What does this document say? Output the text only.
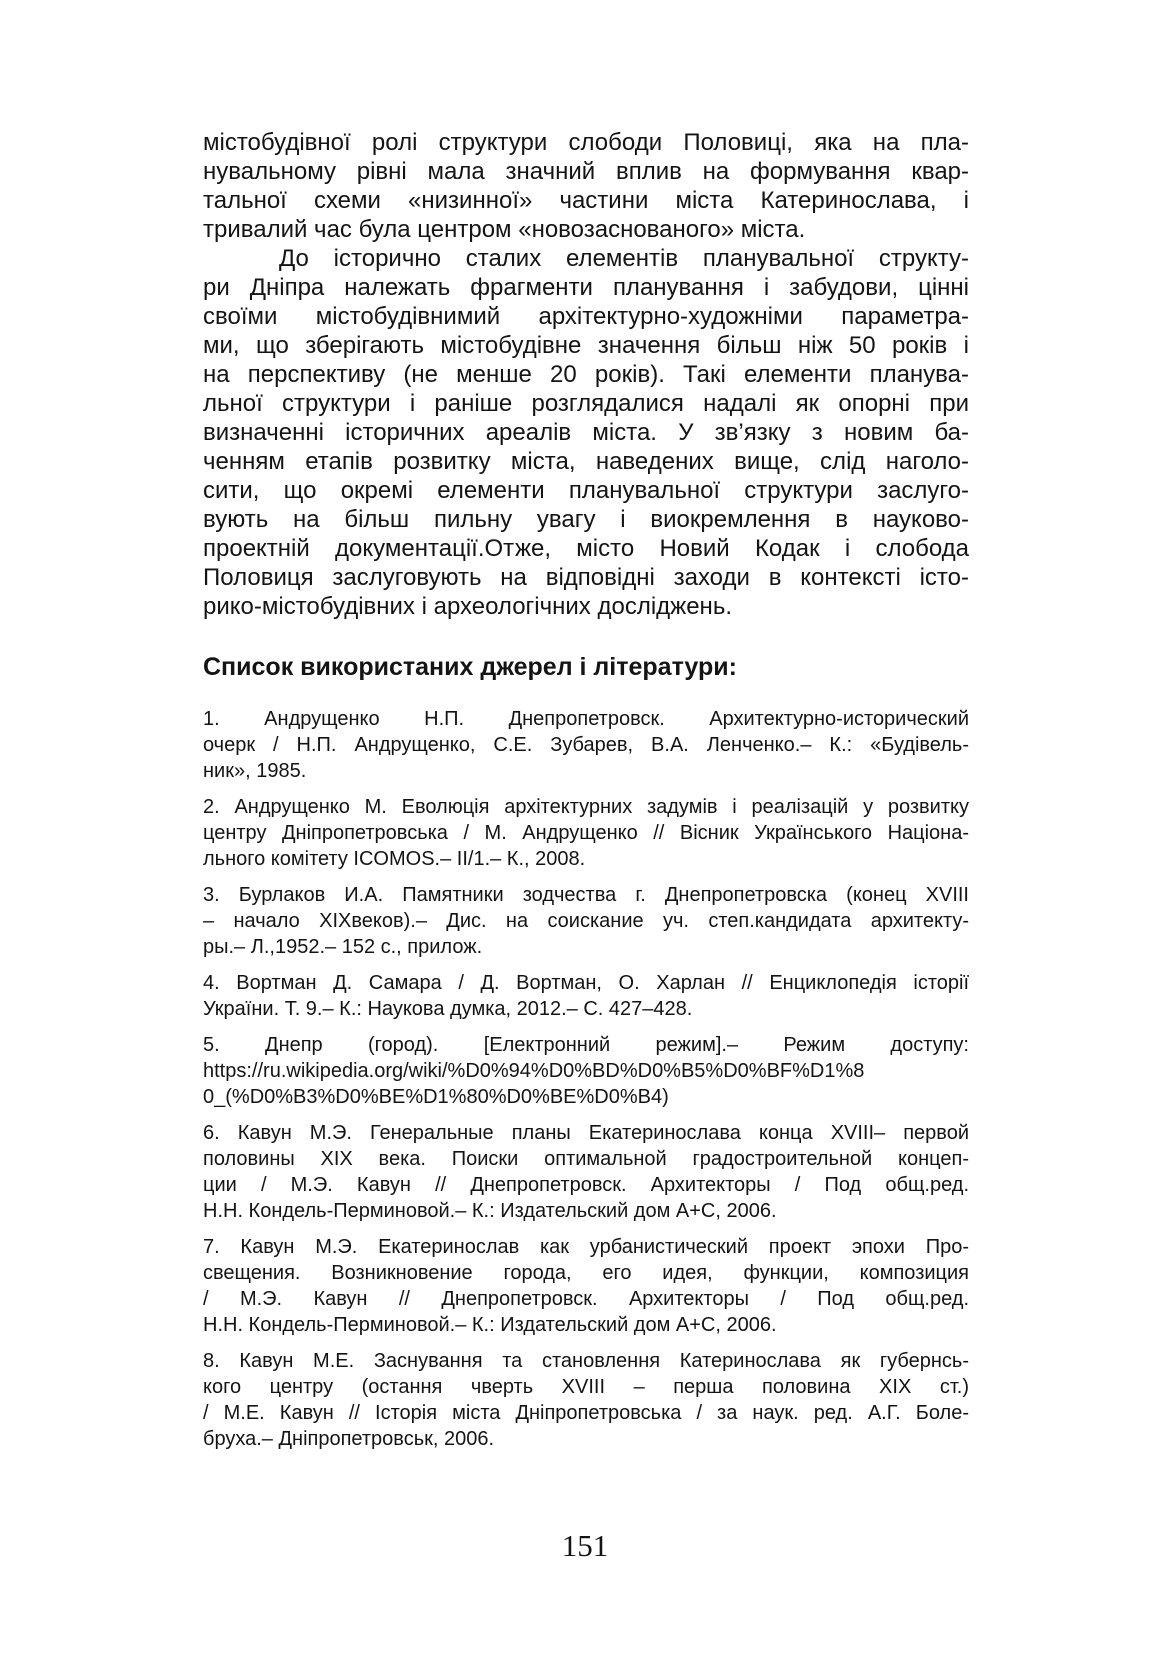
містобудівної ролі структури слободи Половиці, яка на пла-
нувальному рівні мала значний вплив на формування квар-
тальної схеми «низинної» частини міста Катеринослава, і
тривалий час була центром «новозаснованого» міста.
До історично сталих елементів планувальної структу-
ри Дніпра належать фрагменти планування і забудови, цінні
своїми містобудівнимий архітектурно-художніми параметра-
ми, що зберігають містобудівне значення більш ніж 50 років і
на перспективу (не менше 20 років). Такі елементи планува-
льної структури і раніше розглядалися надалі як опорні при
визначенні історичних ареалів міста. У зв’язку з новим ба-
ченням етапів розвитку міста, наведених вище, слід наголо-
сити, що окремі елементи планувальної структури заслуго-
вують на більш пильну увагу і виокремлення в науково-
проектній документації.Отже, місто Новий Кодак і слобода
Половиця заслуговують на відповідні заходи в контексті істо-
рико-містобудівних і археологічних досліджень.
Список використаних джерел і літератури:
1. Андрущенко Н.П. Днепропетровск. Архитектурно-исторический
очерк / Н.П. Андрущенко, С.Е. Зубарев, В.А. Ленченко.– К.: «Будівель-
ник», 1985.
2. Андрущенко М. Еволюція архітектурних задумів і реалізацій у розвитку
центру Дніпропетровська / М. Андрущенко // Вісник Українського Націона-
льного комітету ICOMOS.– II/1.– К., 2008.
3. Бурлаков И.А. Памятники зодчества г. Днепропетровска (конец XVIII
– начало XIXвеков).– Дис. на соискание уч. степ.кандидата архитекту-
ры.– Л.,1952.– 152 с., прилож.
4. Вортман Д. Самара / Д. Вортман, О. Харлан // Енциклопедія історії
України. Т. 9.– К.: Наукова думка, 2012.– С. 427–428.
5. Днепр (город). [Електронний режим].– Режим доступу:
https://ru.wikipedia.org/wiki/%D0%94%D0%BD%D0%B5%D0%BF%D1%8
0_(%D0%B3%D0%BE%D1%80%D0%BE%D0%B4)
6. Кавун М.Э. Генеральные планы Екатеринослава конца XVIII– первой
половины XIX века. Поиски оптимальной градостроительной концеп-
ции / М.Э. Кавун // Днепропетровск. Архитекторы / Под общ.ред.
Н.Н. Кондель-Перминовой.– К.: Издательский дом А+С, 2006.
7. Кавун М.Э. Екатеринослав как урбанистический проект эпохи Про-
свещения. Возникновение города, его идея, функции, композиция
/ М.Э. Кавун // Днепропетровск. Архитекторы / Под общ.ред.
Н.Н. Кондель-Перминовой.– К.: Издательский дом А+С, 2006.
8. Кавун М.Е. Заснування та становлення Катеринослава як губернсь-
кого центру (остання чверть XVIII – перша половина XIX ст.)
/ М.Е. Кавун // Історія міста Дніпропетровська / за наук. ред. А.Г. Боле-
бруха.– Дніпропетровськ, 2006.
151
